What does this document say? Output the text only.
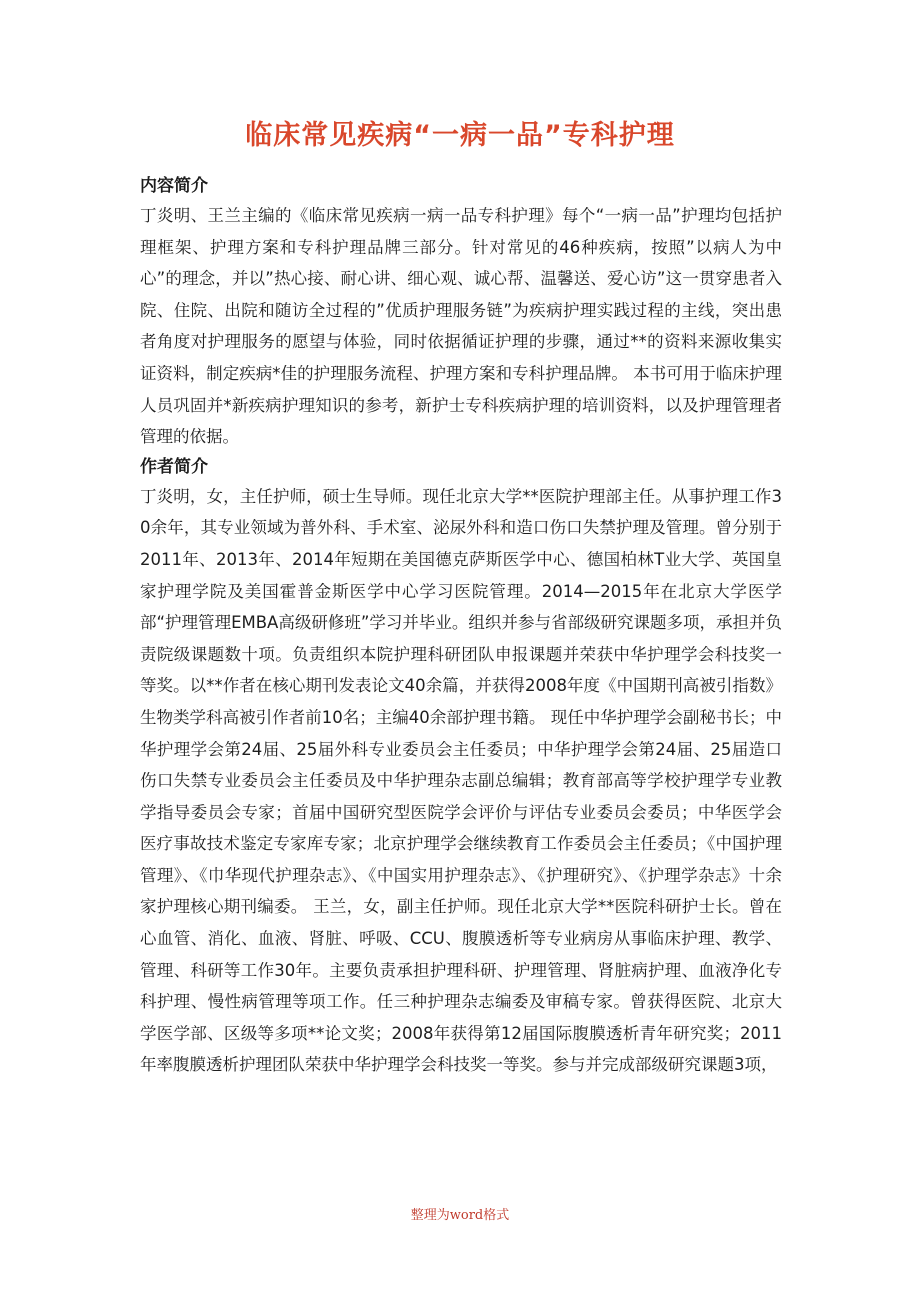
临床常见疾病“一病一品”专科护理
内容简介

丁炎明、王兰主编的《临床常见疾病一病一品专科护理》每个“一病一品”护理均包括护理框架、护理方案和专科护理品牌三部分。针对常见的46种疾病，按照”以病人为中心”的理念，并以”热心接、耐心讲、细心观、诚心帮、温馨送、爱心访”这一贯穿患者入院、住院、出院和随访全过程的”优质护理服务链”为疾病护理实践过程的主线，突出患者角度对护理服务的愿望与体验，同时依据循证护理的步骤，通过**的资料来源收集实证资料，制定疾病*佳的护理服务流程、护理方案和专科护理品牌。 本书可用于临床护理人员巩固并*新疾病护理知识的参考，新护士专科疾病护理的培训资料，以及护理管理者管理的依据。

作者简介

丁炎明，女，主任护师，硕士生导师。现任北京大学**医院护理部主任。从事护理工作30余年，其专业领域为普外科、手术室、泌尿外科和造口伤口失禁护理及管理。曾分别于2011年、2013年、2014年短期在美国德克萨斯医学中心、德国柏林T业大学、英国皇家护理学院及美国霍普金斯医学中心学习医院管理。2014—2015年在北京大学医学部“护理管理EMBA高级研修班”学习并毕业。组织并参与省部级研究课题多项，承担并负责院级课题数十项。负责组织本院护理科研团队申报课题并荣获中华护理学会科技奖一等奖。以**作者在核心期刊发表论文40余篇，并获得2008年度《中国期刊高被引指数》生物类学科高被引作者前10名；主编40余部护理书籍。 现任中华护理学会副秘书长；中华护理学会第24届、25届外科专业委员会主任委员；中华护理学会第24届、25届造口伤口失禁专业委员会主任委员及中华护理杂志副总编辑；教育部高等学校护理学专业教学指导委员会专家；首届中国研究型医院学会评价与评估专业委员会委员；中华医学会医疗事故技术鉴定专家库专家；北京护理学会继续教育工作委员会主任委员；《中国护理管理》、《巾华现代护理杂志》、《中国实用护理杂志》、《护理研究》、《护理学杂志》十余家护理核心期刊编委。 王兰，女，副主任护师。现任北京大学**医院科研护士长。曾在心血管、消化、血液、肾脏、呼吸、CCU、腹膜透析等专业病房从事临床护理、教学、管理、科研等工作30年。主要负责承担护理科研、护理管理、肾脏病护理、血液净化专科护理、慢性病管理等项工作。任三种护理杂志编委及审稿专家。曾获得医院、北京大学医学部、区级等多项**论文奖；2008年获得第12届国际腹膜透析青年研究奖；2011年率腹膜透析护理团队荣获中华护理学会科技奖一等奖。参与并完成部级研究课题3项，

整理为word格式
